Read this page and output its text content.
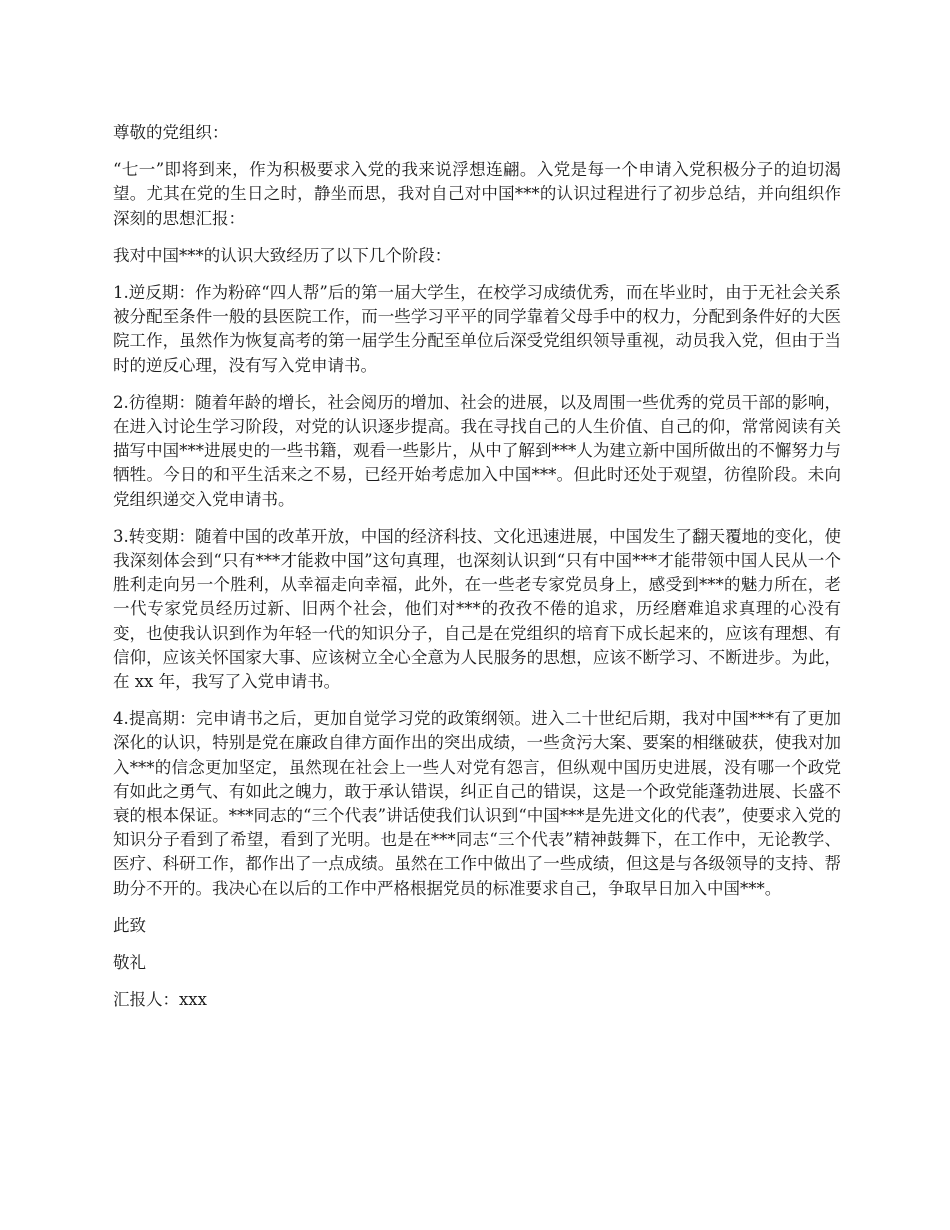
尊敬的党组织：

“七一”即将到来，作为积极要求入党的我来说浮想连翩。入党是每一个申请入党积极分子的迫切渴望。尤其在党的生日之时，静坐而思，我对自己对中国***的认识过程进行了初步总结，并向组织作深刻的思想汇报：

我对中国***的认识大致经历了以下几个阶段：

1.逆反期：作为粉碎“四人帮”后的第一届大学生，在校学习成绩优秀，而在毕业时，由于无社会关系被分配至条件一般的县医院工作，而一些学习平平的同学靠着父母手中的权力，分配到条件好的大医院工作，虽然作为恢复高考的第一届学生分配至单位后深受党组织领导重视，动员我入党，但由于当时的逆反心理，没有写入党申请书。

2.彷徨期：随着年龄的增长，社会阅历的增加、社会的进展，以及周围一些优秀的党员干部的影响，在进入讨论生学习阶段，对党的认识逐步提高。我在寻找自己的人生价值、自己的仰，常常阅读有关描写中国***进展史的一些书籍，观看一些影片，从中了解到***人为建立新中国所做出的不懈努力与牺牲。今日的和平生活来之不易，已经开始考虑加入中国***。但此时还处于观望，彷徨阶段。未向党组织递交入党申请书。

3.转变期：随着中国的改革开放，中国的经济科技、文化迅速进展，中国发生了翻天覆地的变化，使我深刻体会到“只有***才能救中国”这句真理，也深刻认识到“只有中国***才能带领中国人民从一个胜利走向另一个胜利，从幸福走向幸福，此外，在一些老专家党员身上，感受到***的魅力所在，老一代专家党员经历过新、旧两个社会，他们对***的孜孜不倦的追求，历经磨难追求真理的心没有变，也使我认识到作为年轻一代的知识分子，自己是在党组织的培育下成长起来的，应该有理想、有信仰，应该关怀国家大事、应该树立全心全意为人民服务的思想，应该不断学习、不断进步。为此，在 xx 年，我写了入党申请书。

4.提高期：完申请书之后，更加自觉学习党的政策纲领。进入二十世纪后期，我对中国***有了更加深化的认识，特别是党在廉政自律方面作出的突出成绩，一些贪污大案、要案的相继破获，使我对加入***的信念更加坚定，虽然现在社会上一些人对党有怨言，但纵观中国历史进展，没有哪一个政党有如此之勇气、有如此之魄力，敢于承认错误，纠正自己的错误，这是一个政党能蓬勃进展、长盛不衰的根本保证。***同志的“三个代表”讲话使我们认识到“中国***是先进文化的代表”，使要求入党的知识分子看到了希望，看到了光明。也是在***同志“三个代表”精神鼓舞下，在工作中，无论教学、医疗、科研工作，都作出了一点成绩。虽然在工作中做出了一些成绩，但这是与各级领导的支持、帮助分不开的。我决心在以后的工作中严格根据党员的标准要求自己，争取早日加入中国***。

此致

敬礼

汇报人：xxx
